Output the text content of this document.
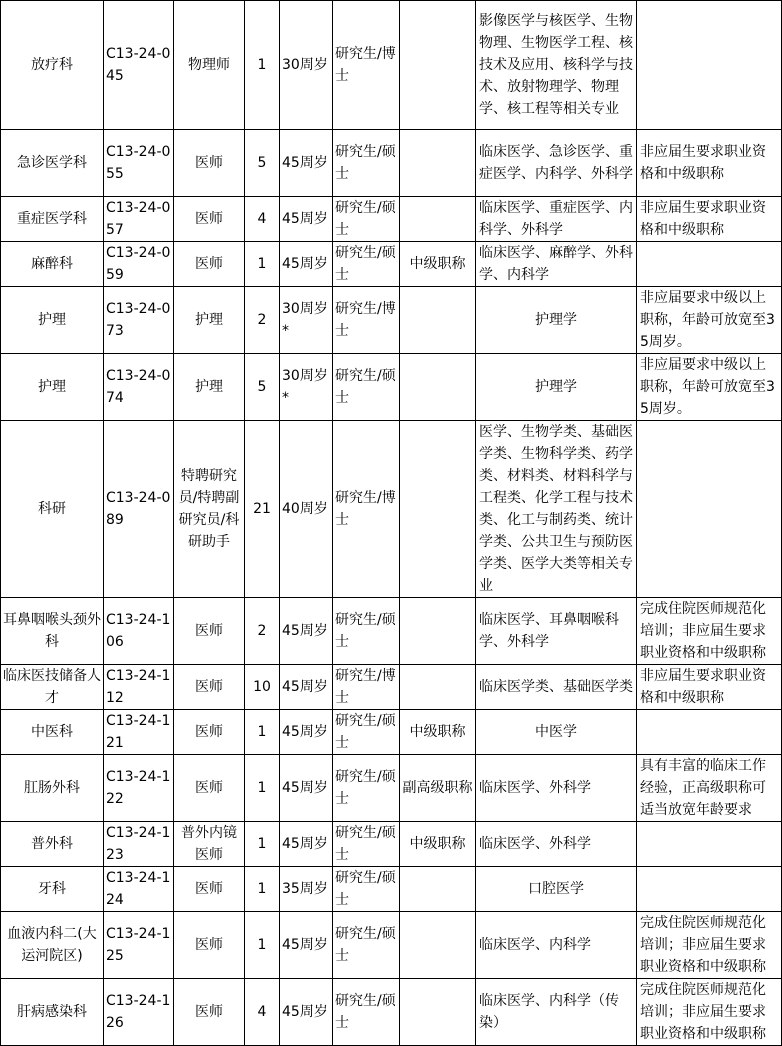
放疗科	C13-24-045	物理师	1	30周岁	研究生/博士		影像医学与核医学、生物物理、生物医学工程、核技术及应用、核科学与技术、放射物理学、物理学、核工程等相关专业	
急诊医学科	C13-24-055	医师	5	45周岁	研究生/硕士		临床医学、急诊医学、重症医学、内科学、外科学	非应届生要求职业资格和中级职称
重症医学科	C13-24-057	医师	4	45周岁	研究生/硕士		临床医学、重症医学、内科学、外科学	非应届生要求职业资格和中级职称
麻醉科	C13-24-059	医师	1	45周岁	研究生/硕士	中级职称	临床医学、麻醉学、外科学、内科学	
护理	C13-24-073	护理	2	30周岁*	研究生/博士		护理学	非应届要求中级以上职称，年龄可放宽至35周岁。
护理	C13-24-074	护理	5	30周岁*	研究生/硕士		护理学	非应届要求中级以上职称，年龄可放宽至35周岁。
科研	C13-24-089	特聘研究员/特聘副研究员/科研助手	21	40周岁	研究生/博士		医学、生物学类、基础医学类、生物科学类、药学类、材料类、材料科学与工程类、化学工程与技术类、化工与制药类、统计学类、公共卫生与预防医学类、医学大类等相关专业	
耳鼻咽喉头颈外科	C13-24-106	医师	2	45周岁	研究生/硕士		临床医学、耳鼻咽喉科学、外科学	完成住院医师规范化培训；非应届生要求职业资格和中级职称
临床医技储备人才	C13-24-112	医师	10	45周岁	研究生/博士		临床医学类、基础医学类	非应届生要求职业资格和中级职称
中医科	C13-24-121	医师	1	45周岁	研究生/硕士	中级职称	中医学	
肛肠外科	C13-24-122	医师	1	45周岁	研究生/硕士	副高级职称	临床医学、外科学	具有丰富的临床工作经验，正高级职称可适当放宽年龄要求
普外科	C13-24-123	普外内镜医师	1	45周岁	研究生/硕士	中级职称	临床医学、外科学	
牙科	C13-24-124	医师	1	35周岁	研究生/硕士		口腔医学	
血液内科二(大运河院区)	C13-24-125	医师	1	45周岁	研究生/硕士		临床医学、内科学	完成住院医师规范化培训；非应届生要求职业资格和中级职称
肝病感染科	C13-24-126	医师	4	45周岁	研究生/硕士		临床医学、内科学（传染）	完成住院医师规范化培训；非应届生要求职业资格和中级职称
